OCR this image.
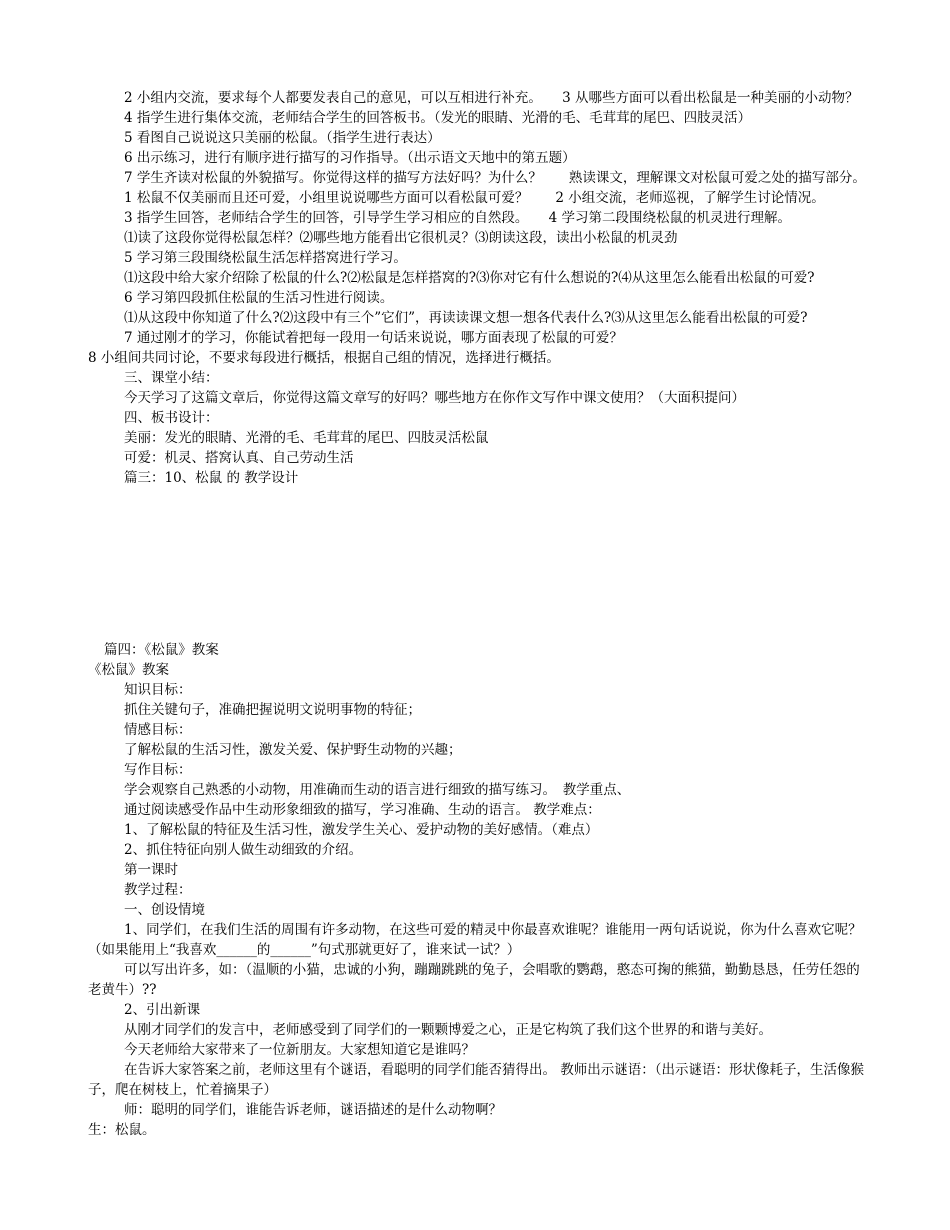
2 小组内交流，要求每个人都要发表自己的意见，可以互相进行补充。　　3 从哪些方面可以看出松鼠是一种美丽的小动物？
4 指学生进行集体交流，老师结合学生的回答板书。（发光的眼睛、光滑的毛、毛茸茸的尾巴、四肢灵活）
5 看图自己说说这只美丽的松鼠。（指学生进行表达）
6 出示练习，进行有顺序进行描写的习作指导。（出示语文天地中的第五题）
7 学生齐读对松鼠的外貌描写。你觉得这样的描写方法好吗？为什么？　　熟读课文，理解课文对松鼠可爱之处的描写部分。
1 松鼠不仅美丽而且还可爱，小组里说说哪些方面可以看松鼠可爱？　　2 小组交流，老师巡视，了解学生讨论情况。
3 指学生回答，老师结合学生的回答，引导学生学习相应的自然段。　　4 学习第二段围绕松鼠的机灵进行理解。
⑴读了这段你觉得松鼠怎样？⑵哪些地方能看出它很机灵？⑶朗读这段，读出小松鼠的机灵劲
5 学习第三段围绕松鼠生活怎样搭窝进行学习。
⑴这段中给大家介绍除了松鼠的什么?⑵松鼠是怎样搭窝的?⑶你对它有什么想说的?⑷从这里怎么能看出松鼠的可爱?
6 学习第四段抓住松鼠的生活习性进行阅读。
⑴从这段中你知道了什么?⑵这段中有三个”它们”，再读读课文想一想各代表什么?⑶从这里怎么能看出松鼠的可爱?
7 通过刚才的学习，你能试着把每一段用一句话来说说，哪方面表现了松鼠的可爱？
8 小组间共同讨论，不要求每段进行概括，根据自己组的情况，选择进行概括。
三、课堂小结：
今天学习了这篇文章后，你觉得这篇文章写的好吗？哪些地方在你作文写作中课文使用？（大面积提问）
四、板书设计：
美丽：发光的眼睛、光滑的毛、毛茸茸的尾巴、四肢灵活松鼠
可爱：机灵、搭窝认真、自己劳动生活
篇三：10、松鼠 的 教学设计
篇四：《松鼠》教案
《松鼠》教案
知识目标：
抓住关键句子，准确把握说明文说明事物的特征；
情感目标：
了解松鼠的生活习性，激发关爱、保护野生动物的兴趣；
写作目标：
学会观察自己熟悉的小动物，用准确而生动的语言进行细致的描写练习。　教学重点、
通过阅读感受作品中生动形象细致的描写，学习准确、生动的语言。 教学难点：
1、了解松鼠的特征及生活习性，激发学生关心、爱护动物的美好感情。（难点）
2、抓住特征向别人做生动细致的介绍。
第一课时
教学过程：
一、创设情境
1、同学们，在我们生活的周围有许多动物，在这些可爱的精灵中你最喜欢谁呢？谁能用一两句话说说，你为什么喜欢它呢？（如果能用上“我喜欢______的______”句式那就更好了，谁来试一试？）
可以写出许多，如：（温顺的小猫，忠诚的小狗，蹦蹦跳跳的兔子，会唱歌的鹦鹉，憨态可掬的熊猫，勤勤恳恳，任劳任怨的老黄牛）??
2、引出新课
从刚才同学们的发言中，老师感受到了同学们的一颗颗博爱之心，正是它构筑了我们这个世界的和谐与美好。
今天老师给大家带来了一位新朋友。大家想知道它是谁吗？
在告诉大家答案之前，老师这里有个谜语，看聪明的同学们能否猜得出。 教师出示谜语：（出示谜语：形状像耗子，生活像猴子，爬在树枝上，忙着摘果子）
师：聪明的同学们，谁能告诉老师，谜语描述的是什么动物啊？
生：松鼠。
